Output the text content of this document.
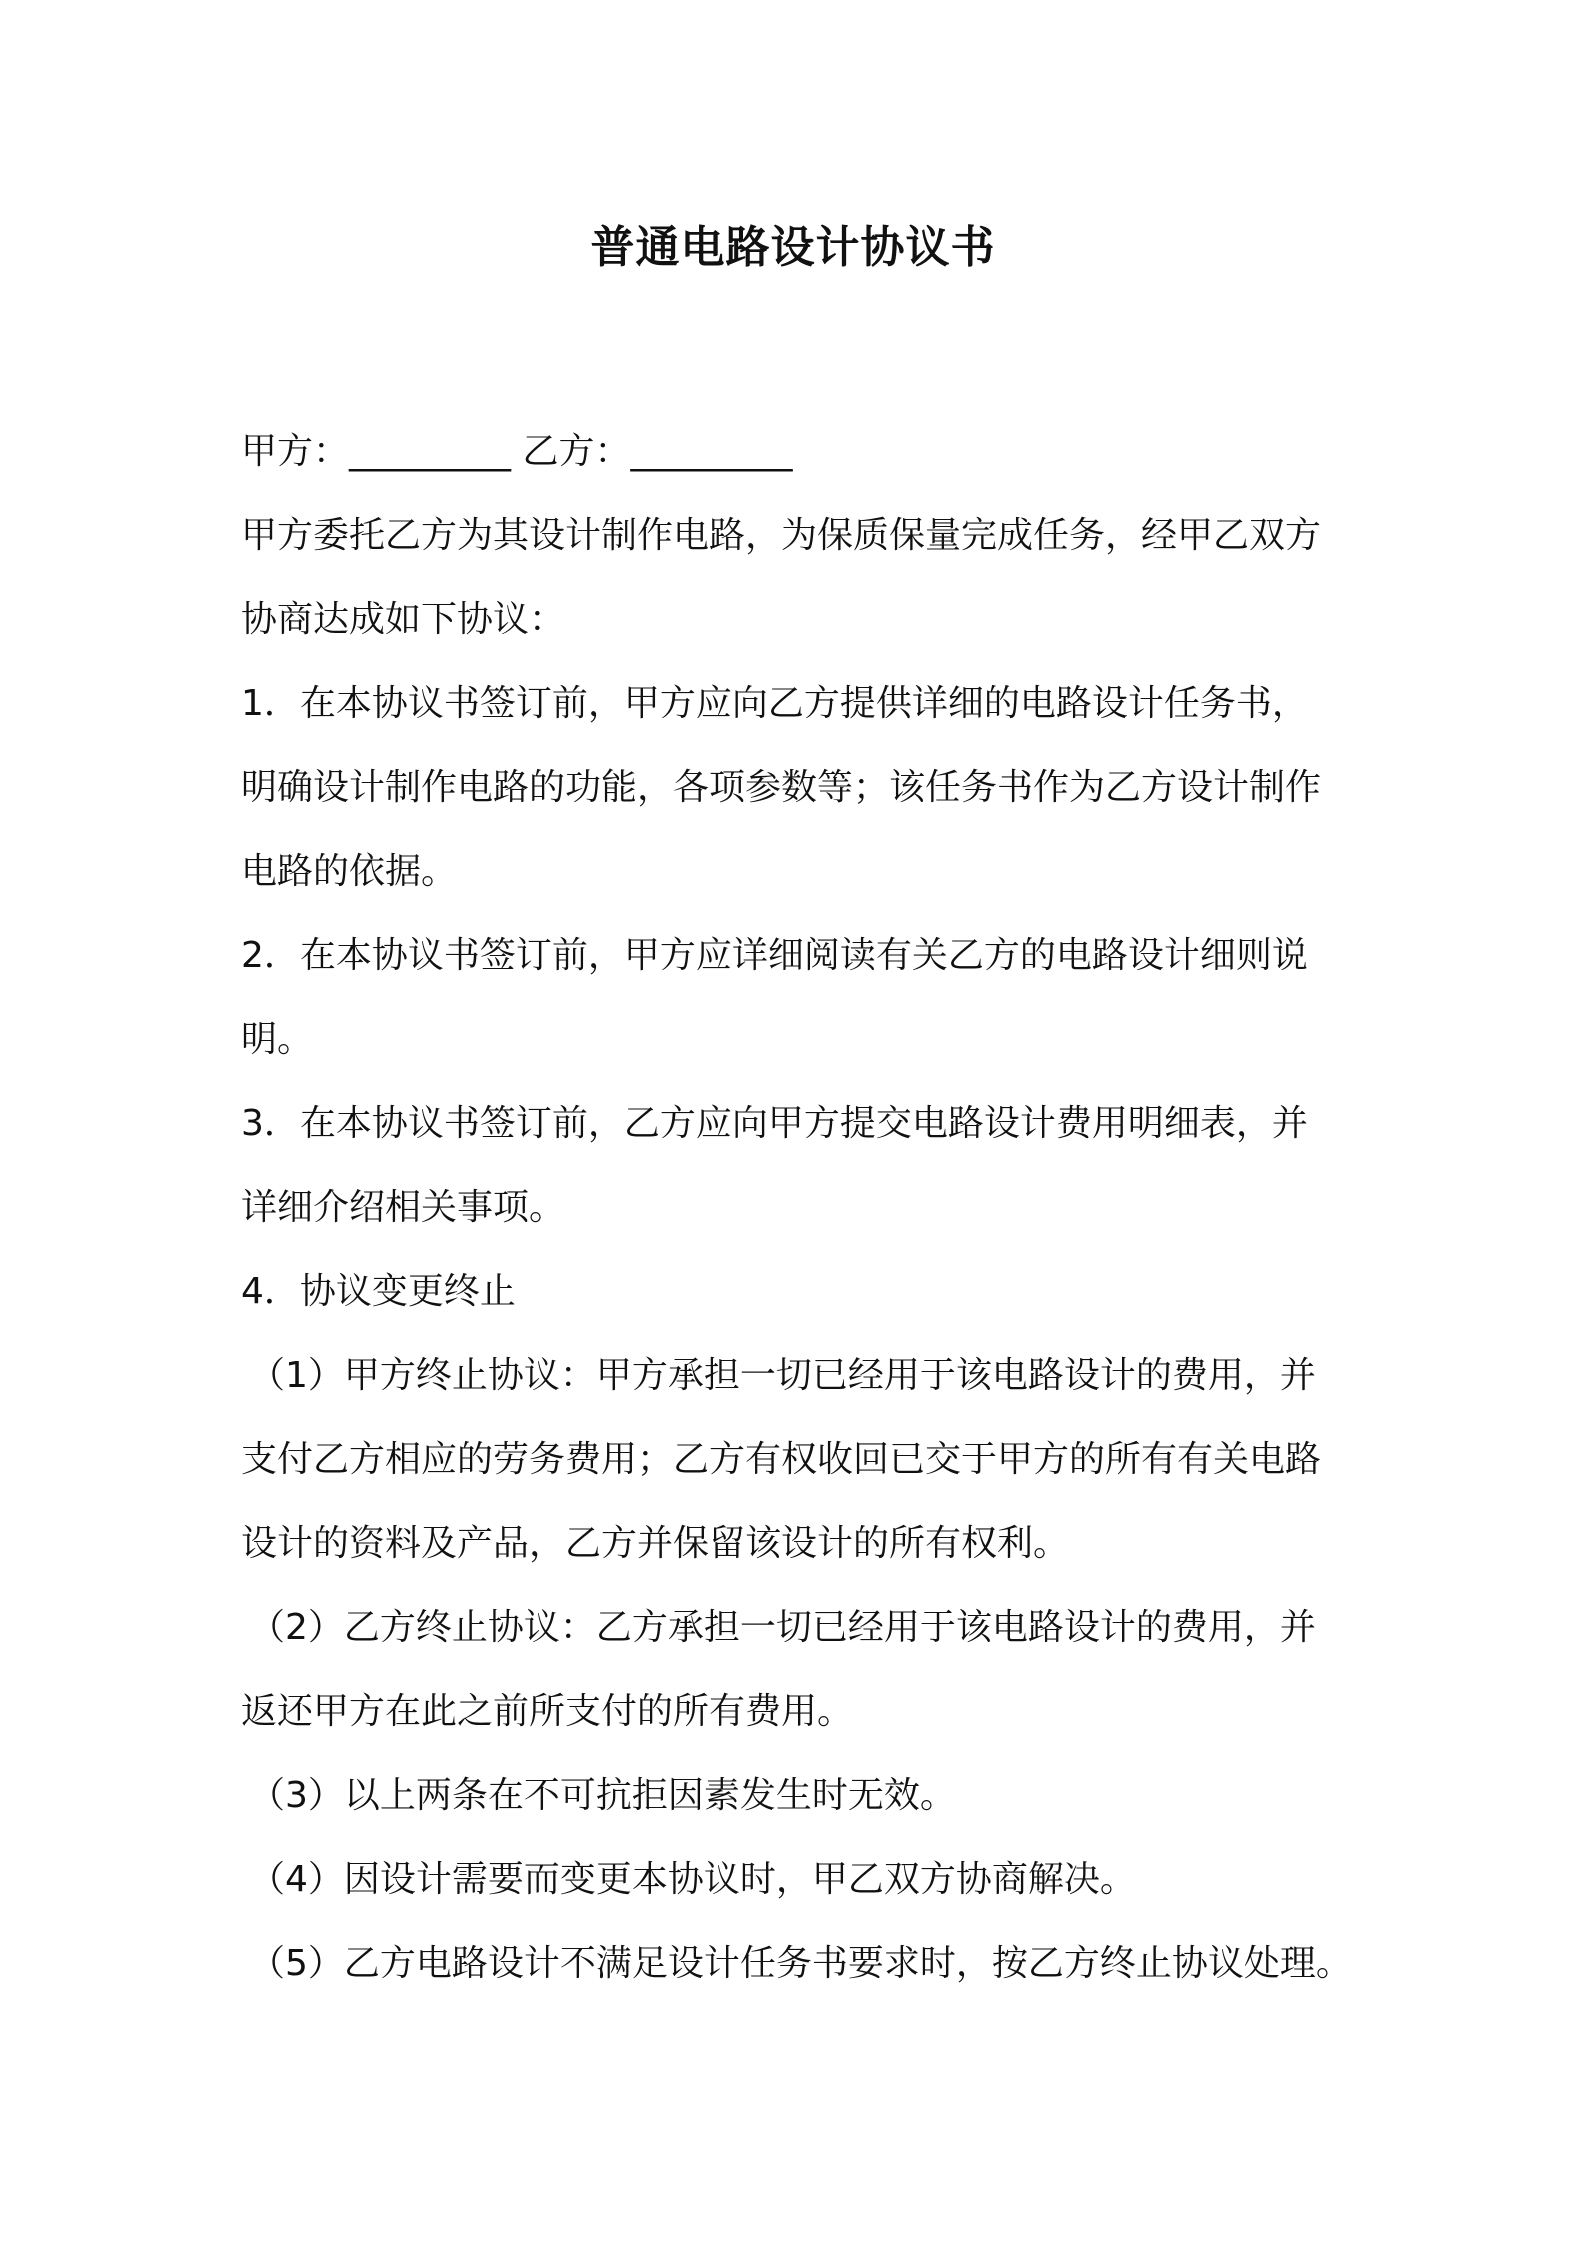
普通电路设计协议书
甲方：_________ 乙方：_________
甲方委托乙方为其设计制作电路，为保质保量完成任务，经甲乙双方
协商达成如下协议：
1．在本协议书签订前，甲方应向乙方提供详细的电路设计任务书，
明确设计制作电路的功能，各项参数等；该任务书作为乙方设计制作
电路的依据。
2．在本协议书签订前，甲方应详细阅读有关乙方的电路设计细则说
明。
3．在本协议书签订前，乙方应向甲方提交电路设计费用明细表，并
详细介绍相关事项。
4．协议变更终止
（1）甲方终止协议：甲方承担一切已经用于该电路设计的费用，并
支付乙方相应的劳务费用；乙方有权收回已交于甲方的所有有关电路
设计的资料及产品，乙方并保留该设计的所有权利。
（2）乙方终止协议：乙方承担一切已经用于该电路设计的费用，并
返还甲方在此之前所支付的所有费用。
（3）以上两条在不可抗拒因素发生时无效。
（4）因设计需要而变更本协议时，甲乙双方协商解决。
（5）乙方电路设计不满足设计任务书要求时，按乙方终止协议处理。
